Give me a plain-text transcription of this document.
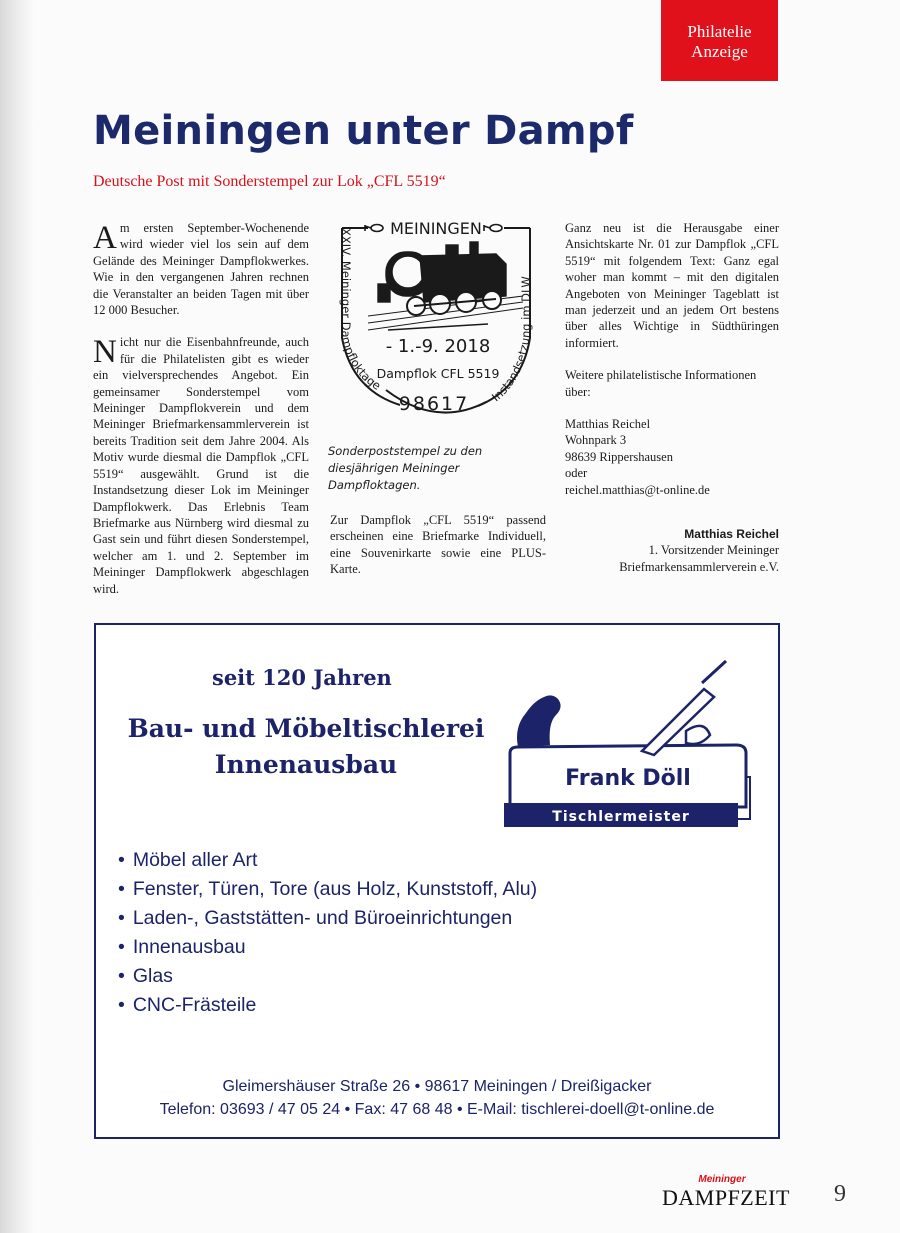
Philatelie
Anzeige
Meiningen unter Dampf

Deutsche Post mit Sonderstempel zur Lok „CFL 5519“

Am ersten September-Wochenende wird wieder viel los sein auf dem Gelände des Meininger Dampflokwerkes. Wie in den vergangenen Jahren rechnen die Veranstalter an beiden Tagen mit über 12 000 Besucher.

Nicht nur die Eisenbahnfreunde, auch für die Philatelisten gibt es wieder ein vielversprechendes Angebot. Ein gemeinsamer Sonderstempel vom Meininger Dampflokverein und dem Meininger Briefmarkensammlerverein ist bereits Tradition seit dem Jahre 2004. Als Motiv wurde diesmal die Dampflok „CFL 5519“ ausgewählt. Grund ist die Instandsetzung dieser Lok im Meininger Dampflokwerk. Das Erlebnis Team Briefmarke aus Nürnberg wird diesmal zu Gast sein und führt diesen Sonderstempel, welcher am 1. und 2. September im Meininger Dampflokwerk abgeschlagen wird.

MEININGEN
XXIV. Meininger Dampfloktage
Instandsetzung im DLW
- 1.-9. 2018
Dampflok CFL 5519
98617

Sonderpoststempel zu den diesjährigen Meininger Dampfloktagen.

Zur Dampflok „CFL 5519“ passend erscheinen eine Briefmarke Individuell, eine Souvenirkarte sowie eine PLUS-Karte.

Ganz neu ist die Herausgabe einer Ansichtskarte Nr. 01 zur Dampflok „CFL 5519“ mit folgendem Text: Ganz egal woher man kommt – mit den digitalen Angeboten von Meininger Tageblatt ist man jederzeit und an jedem Ort bestens über alles Wichtige in Südthüringen informiert.

Weitere philatelistische Informationen über:

Matthias Reichel
Wohnpark 3
98639 Rippershausen
oder
reichel.matthias@t-online.de

Matthias Reichel
1. Vorsitzender Meininger
Briefmarkensammlerverein e.V.

seit 120 Jahren

Bau- und Möbeltischlerei
Innenausbau	Frank Döll
Tischlermeister
• Möbel aller Art
• Fenster, Türen, Tore (aus Holz, Kunststoff, Alu)
• Laden-, Gaststätten- und Büroeinrichtungen
• Innenausbau
• Glas
• CNC-Frästeile
Gleimershäuser Straße 26 • 98617 Meiningen / Dreißigacker
Telefon: 03693 / 47 05 24 • Fax: 47 68 48 • E-Mail: tischlerei-doell@t-online.de
Meininger
DAMPFZEIT 9
